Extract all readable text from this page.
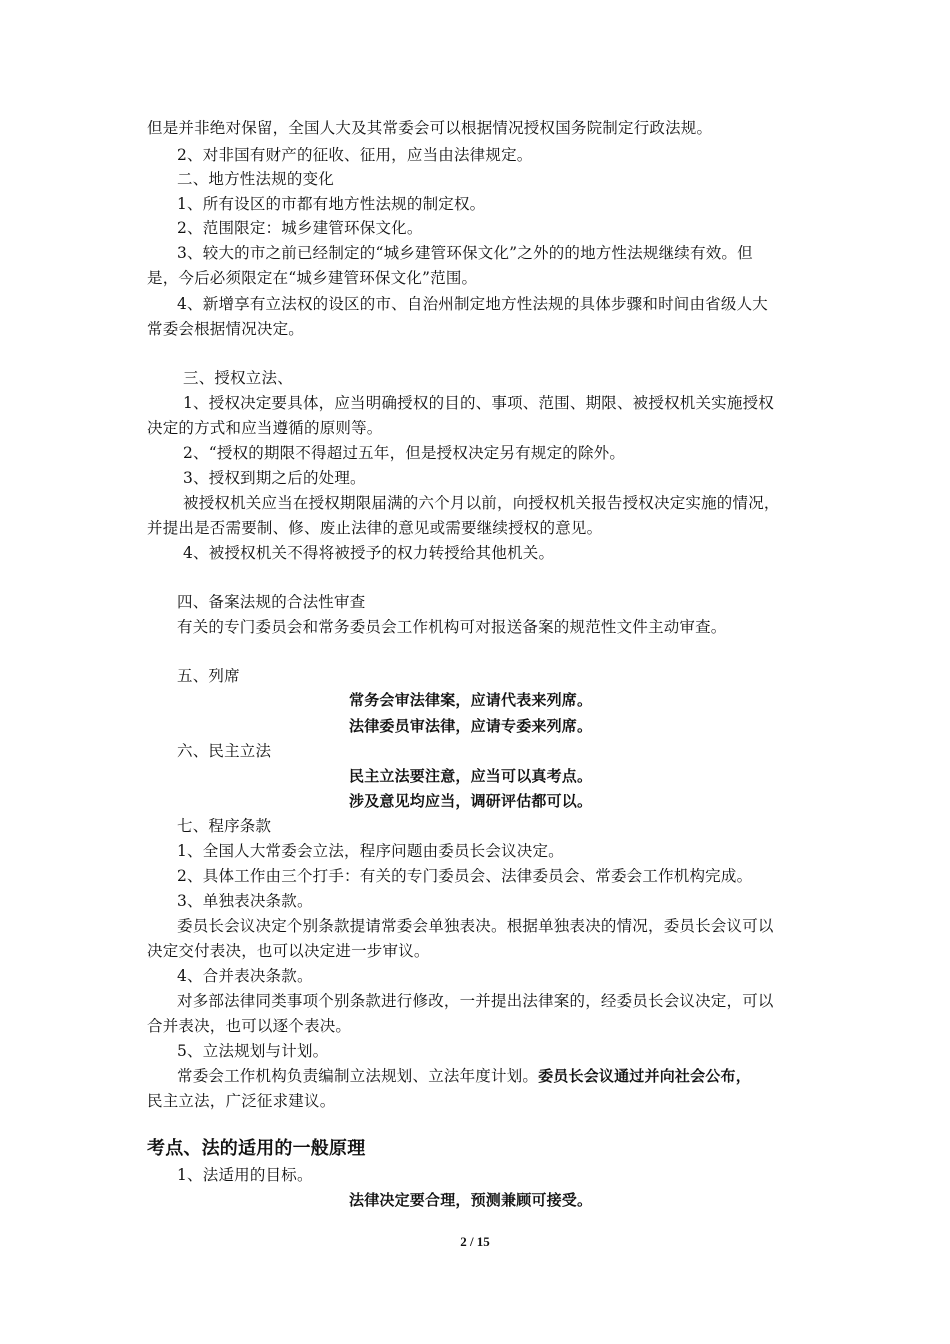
但是并非绝对保留，全国人大及其常委会可以根据情况授权国务院制定行政法规。
2、对非国有财产的征收、征用，应当由法律规定。
二、地方性法规的变化
1、所有设区的市都有地方性法规的制定权。
2、范围限定：城乡建管环保文化。
3、较大的市之前已经制定的“城乡建管环保文化”之外的的地方性法规继续有效。但
是，今后必须限定在“城乡建管环保文化”范围。
4、新增享有立法权的设区的市、自治州制定地方性法规的具体步骤和时间由省级人大
常委会根据情况决定。
三、授权立法、
1、授权决定要具体，应当明确授权的目的、事项、范围、期限、被授权机关实施授权
决定的方式和应当遵循的原则等。
2、“授权的期限不得超过五年，但是授权决定另有规定的除外。
3、授权到期之后的处理。
被授权机关应当在授权期限届满的六个月以前，向授权机关报告授权决定实施的情况，
并提出是否需要制、修、废止法律的意见或需要继续授权的意见。
4、被授权机关不得将被授予的权力转授给其他机关。
四、备案法规的合法性审查
有关的专门委员会和常务委员会工作机构可对报送备案的规范性文件主动审查。
五、列席
常务会审法律案，应请代表来列席。
法律委员审法律，应请专委来列席。
六、民主立法
民主立法要注意，应当可以真考点。
涉及意见均应当，调研评估都可以。
七、程序条款
1、全国人大常委会立法，程序问题由委员长会议决定。
2、具体工作由三个打手：有关的专门委员会、法律委员会、常委会工作机构完成。
3、单独表决条款。
委员长会议决定个别条款提请常委会单独表决。根据单独表决的情况，委员长会议可以
决定交付表决，也可以决定进一步审议。
4、合并表决条款。
对多部法律同类事项个别条款进行修改，一并提出法律案的，经委员长会议决定，可以
合并表决，也可以逐个表决。
5、立法规划与计划。
常委会工作机构负责编制立法规划、立法年度计划。委员长会议通过并向社会公布，
民主立法，广泛征求建议。
考点、法的适用的一般原理
1、法适用的目标。
法律决定要合理，预测兼顾可接受。
2 / 15
